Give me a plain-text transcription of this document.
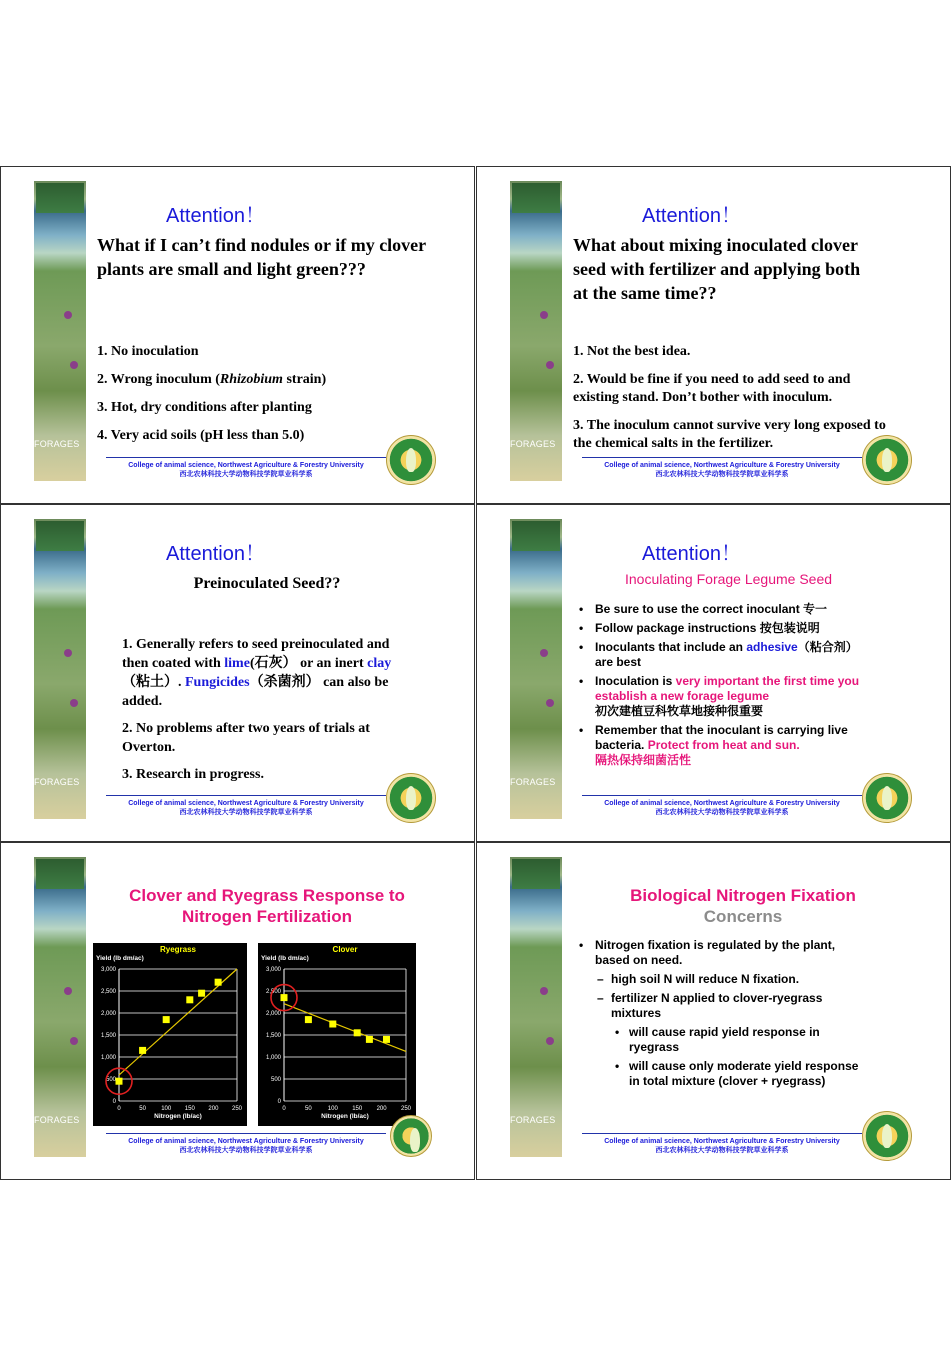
FORAGES
Attention！
What if I can’t find nodules or if my clover plants are small and light green???
1. No inoculation
2. Wrong inoculum (Rhizobium strain)
3. Hot, dry conditions after planting
4. Very acid soils (pH less than 5.0)
College of animal science, Northwest Agriculture & Forestry University
西北农林科技大学动物科技学院草业科学系
FORAGES
Attention！
What about mixing inoculated clover seed with fertilizer and applying both at the same time??
1. Not the best idea.
2. Would be fine if you need to add seed to and existing stand. Don’t bother with inoculum.
3. The inoculum cannot survive very long exposed to the chemical salts in the fertilizer.
College of animal science, Northwest Agriculture & Forestry University
西北农林科技大学动物科技学院草业科学系
FORAGES
Attention！
Preinoculated Seed??

1. Generally refers to seed preinoculated and then coated with lime(石灰） or an inert clay（粘土）. Fungicides（杀菌剂） can also be added.

2. No problems after two years of trials at Overton.

3. Research in progress.

College of animal science, Northwest Agriculture & Forestry University
西北农林科技大学动物科技学院草业科学系
FORAGES
Attention！
Inoculating Forage Legume Seed
• Be sure to use the correct inoculant 专一
• Follow package instructions 按包装说明
• Inoculants that include an adhesive（粘合剂） are best
• Inoculation is very important the first time you establish a new forage legume
初次建植豆科牧草地接种很重要
• Remember that the inoculant is carrying live bacteria. Protect from heat and sun.
隔热保持细菌活性
College of animal science, Northwest Agriculture & Forestry University
西北农林科技大学动物科技学院草业科学系
FORAGES
Clover and Ryegrass Response to Nitrogen Fertilization
Ryegrass
Yield (lb dm/ac)
0
500
1,000
1,500
2,000
2,500
3,000
0	50	100 150 200 250
Nitrogen (lb/ac)
Clover
Yield (lb dm/ac)
0
500
1,000
1,500
2,000
2,500
3,000
0	50	100 150 200 250
Nitrogen (lb/ac)
College of animal science, Northwest Agriculture & Forestry University
西北农林科技大学动物科技学院草业科学系
FORAGES
Biological Nitrogen Fixation
Concerns
• Nitrogen fixation is regulated by the plant, based on need.
– high soil N will reduce N fixation.
– fertilizer N applied to clover-ryegrass mixtures
• will cause rapid yield response in ryegrass
• will cause only moderate yield response in total mixture (clover + ryegrass)
College of animal science, Northwest Agriculture & Forestry University
西北农林科技大学动物科技学院草业科学系
